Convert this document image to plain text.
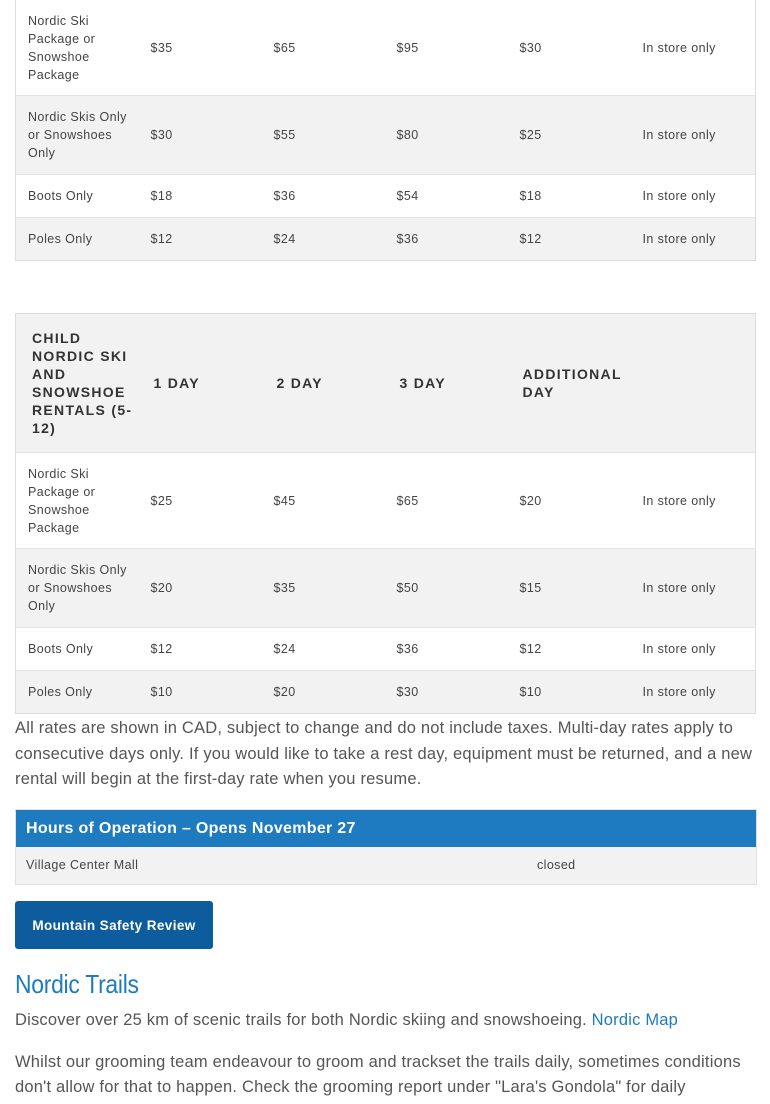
Nordic Ski Package or Snowshoe Package	$35	$65	$95	$30	In store only
Nordic Skis Only or Snowshoes Only	$30	$55	$80	$25	In store only
Boots Only	$18	$36	$54	$18	In store only
Poles Only	$12	$24	$36	$12	In store only
CHILD NORDIC SKI AND SNOWSHOE RENTALS (5-12)	1 DAY	2 DAY	3 DAY	ADDITIONAL DAY	
Nordic Ski Package or Snowshoe Package	$25	$45	$65	$20	In store only
Nordic Skis Only or Snowshoes Only	$20	$35	$50	$15	In store only
Boots Only	$12	$24	$36	$12	In store only
Poles Only	$10	$20	$30	$10	In store only

All rates are shown in CAD, subject to change and do not include taxes. Multi-day rates apply to consecutive days only. If you would like to take a rest day, equipment must be returned, and a new rental will begin at the first-day rate when you resume.

Hours of Operation – Opens November 27
Village Center Mall	closed
Mountain Safety Review
Nordic Trails

Discover over 25 km of scenic trails for both Nordic skiing and snowshoeing. Nordic Map

Whilst our grooming team endeavour to groom and trackset the trails daily, sometimes conditions don't allow for that to happen. Check the grooming report under "Lara's Gondola" for daily
